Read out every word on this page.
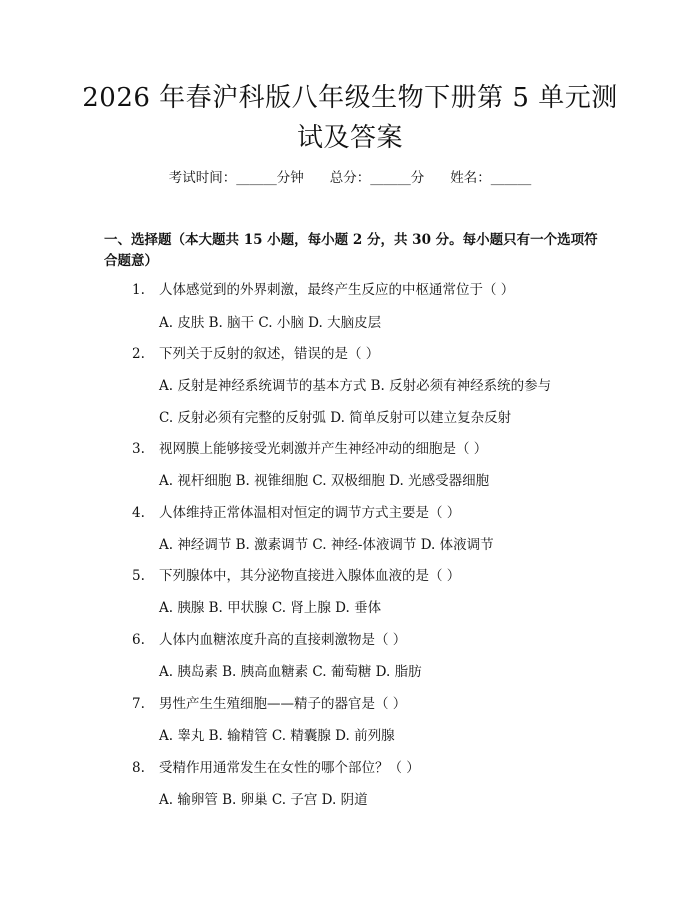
2026 年春沪科版八年级生物下册第 5 单元测
试及答案
考试时间：______分钟 总分：______分 姓名：______
一、选择题（本大题共 15 小题，每小题 2 分，共 30 分。每小题只有一个选项符合题意）
1. 人体感觉到的外界刺激，最终产生反应的中枢通常位于（ ）
A. 皮肤 B. 脑干 C. 小脑 D. 大脑皮层
2. 下列关于反射的叙述，错误的是（ ）
A. 反射是神经系统调节的基本方式 B. 反射必须有神经系统的参与
C. 反射必须有完整的反射弧 D. 简单反射可以建立复杂反射
3. 视网膜上能够接受光刺激并产生神经冲动的细胞是（ ）
A. 视杆细胞 B. 视锥细胞 C. 双极细胞 D. 光感受器细胞
4. 人体维持正常体温相对恒定的调节方式主要是（ ）
A. 神经调节 B. 激素调节 C. 神经-体液调节 D. 体液调节
5. 下列腺体中，其分泌物直接进入腺体血液的是（ ）
A. 胰腺 B. 甲状腺 C. 肾上腺 D. 垂体
6. 人体内血糖浓度升高的直接刺激物是（ ）
A. 胰岛素 B. 胰高血糖素 C. 葡萄糖 D. 脂肪
7. 男性产生生殖细胞——精子的器官是（ ）
A. 睾丸 B. 输精管 C. 精囊腺 D. 前列腺
8. 受精作用通常发生在女性的哪个部位？（ ）
A. 输卵管 B. 卵巢 C. 子宫 D. 阴道
